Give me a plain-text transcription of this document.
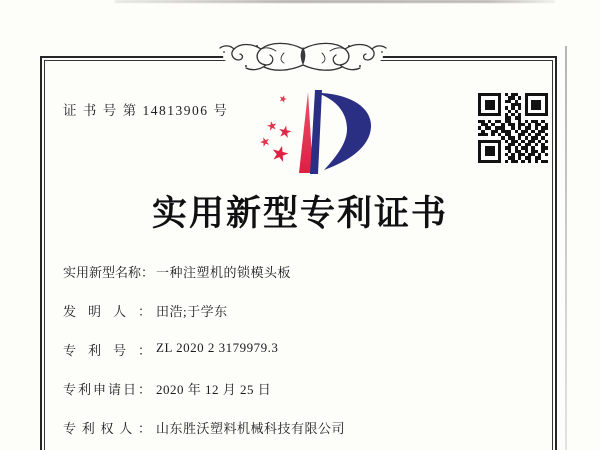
证 书 号 第 14813906 号
实用新型专利证书
实用新型名称： 一种注塑机的锁模头板
发明人： 田浩;于学东
专利号： ZL 2020 2 3179979.3
专利申请日： 2020 年 12 月 25 日
专利权人： 山东胜沃塑料机械科技有限公司
